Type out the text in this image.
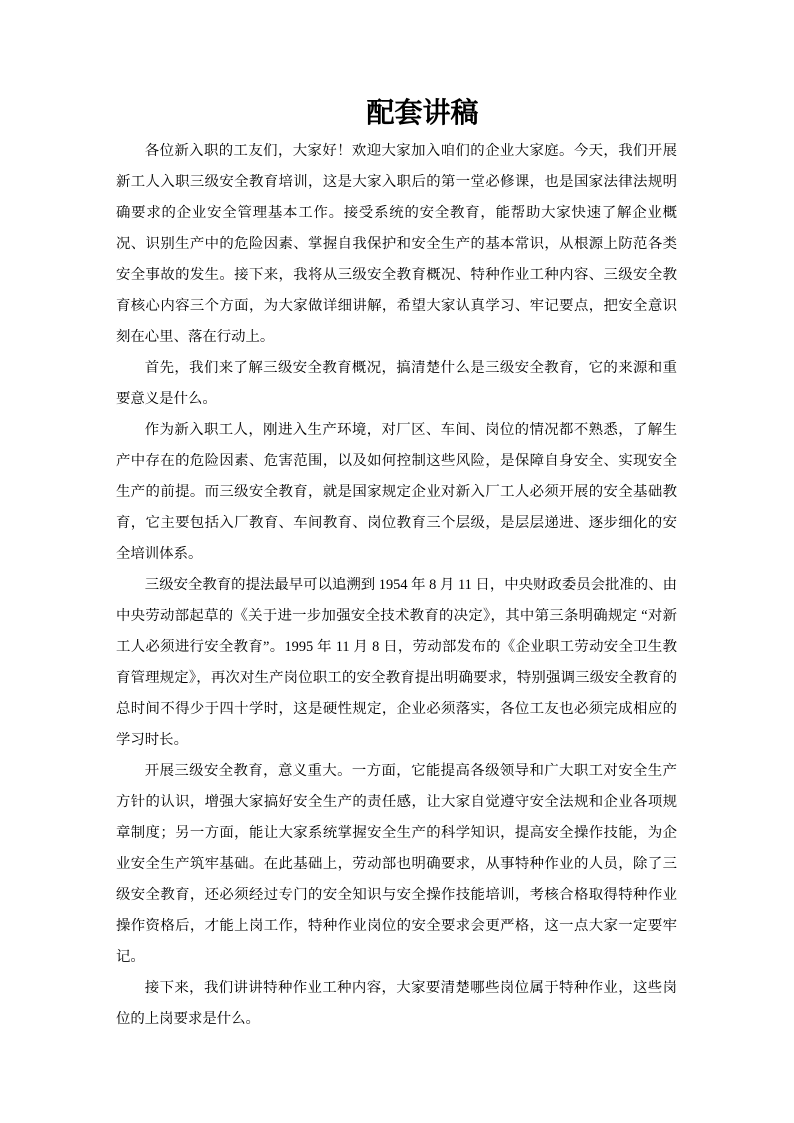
配套讲稿

各位新入职的工友们，大家好！欢迎大家加入咱们的企业大家庭。今天，我们开展新工人入职三级安全教育培训，这是大家入职后的第一堂必修课，也是国家法律法规明确要求的企业安全管理基本工作。接受系统的安全教育，能帮助大家快速了解企业概况、识别生产中的危险因素、掌握自我保护和安全生产的基本常识，从根源上防范各类安全事故的发生。接下来，我将从三级安全教育概况、特种作业工种内容、三级安全教育核心内容三个方面，为大家做详细讲解，希望大家认真学习、牢记要点，把安全意识刻在心里、落在行动上。

首先，我们来了解三级安全教育概况，搞清楚什么是三级安全教育，它的来源和重要意义是什么。

作为新入职工人，刚进入生产环境，对厂区、车间、岗位的情况都不熟悉，了解生产中存在的危险因素、危害范围，以及如何控制这些风险，是保障自身安全、实现安全生产的前提。而三级安全教育，就是国家规定企业对新入厂工人必须开展的安全基础教育，它主要包括入厂教育、车间教育、岗位教育三个层级，是层层递进、逐步细化的安全培训体系。

三级安全教育的提法最早可以追溯到 1954 年 8 月 11 日，中央财政委员会批准的、由中央劳动部起草的《关于进一步加强安全技术教育的决定》，其中第三条明确规定 “对新工人必须进行安全教育”。1995 年 11 月 8 日，劳动部发布的《企业职工劳动安全卫生教育管理规定》，再次对生产岗位职工的安全教育提出明确要求，特别强调三级安全教育的总时间不得少于四十学时，这是硬性规定，企业必须落实，各位工友也必须完成相应的学习时长。

开展三级安全教育，意义重大。一方面，它能提高各级领导和广大职工对安全生产方针的认识，增强大家搞好安全生产的责任感，让大家自觉遵守安全法规和企业各项规章制度；另一方面，能让大家系统掌握安全生产的科学知识，提高安全操作技能，为企业安全生产筑牢基础。在此基础上，劳动部也明确要求，从事特种作业的人员，除了三级安全教育，还必须经过专门的安全知识与安全操作技能培训，考核合格取得特种作业操作资格后，才能上岗工作，特种作业岗位的安全要求会更严格，这一点大家一定要牢记。

接下来，我们讲讲特种作业工种内容，大家要清楚哪些岗位属于特种作业，这些岗位的上岗要求是什么。
